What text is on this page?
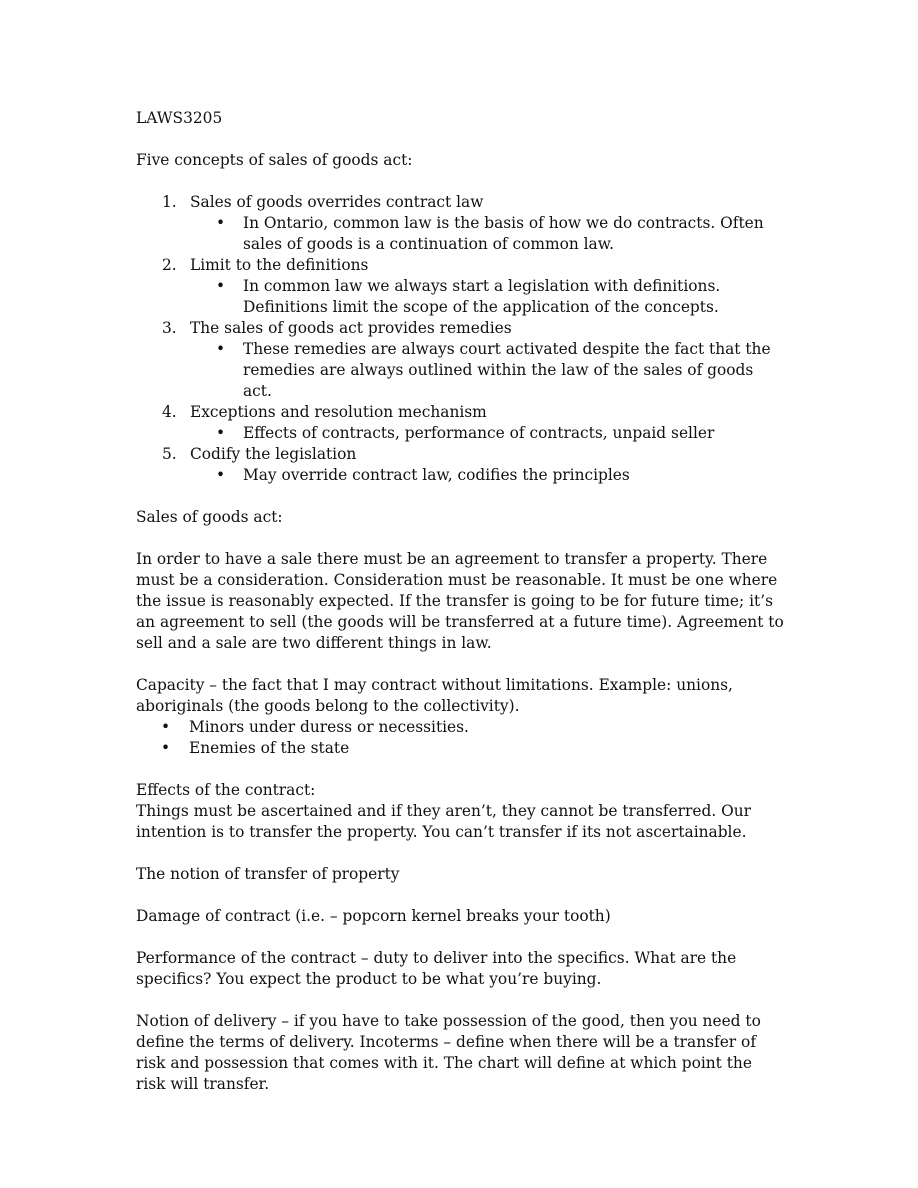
LAWS3205

Five concepts of sales of goods act:

1. Sales of goods overrides contract law
• In Ontario, common law is the basis of how we do contracts. Often sales of goods is a continuation of common law.
2. Limit to the definitions
• In common law we always start a legislation with definitions. Definitions limit the scope of the application of the concepts.
3. The sales of goods act provides remedies
• These remedies are always court activated despite the fact that the remedies are always outlined within the law of the sales of goods act.
4. Exceptions and resolution mechanism
• Effects of contracts, performance of contracts, unpaid seller
5. Codify the legislation
• May override contract law, codifies the principles

Sales of goods act:

In order to have a sale there must be an agreement to transfer a property. There must be a consideration. Consideration must be reasonable. It must be one where the issue is reasonably expected. If the transfer is going to be for future time; it’s an agreement to sell (the goods will be transferred at a future time). Agreement to sell and a sale are two different things in law.

Capacity – the fact that I may contract without limitations. Example: unions, aboriginals (the goods belong to the collectivity).

• Minors under duress or necessities.
• Enemies of the state

Effects of the contract:

Things must be ascertained and if they aren’t, they cannot be transferred. Our intention is to transfer the property. You can’t transfer if its not ascertainable.

The notion of transfer of property

Damage of contract (i.e. – popcorn kernel breaks your tooth)

Performance of the contract – duty to deliver into the specifics. What are the specifics? You expect the product to be what you’re buying.

Notion of delivery – if you have to take possession of the good, then you need to define the terms of delivery. Incoterms – define when there will be a transfer of risk and possession that comes with it. The chart will define at which point the risk will transfer.
